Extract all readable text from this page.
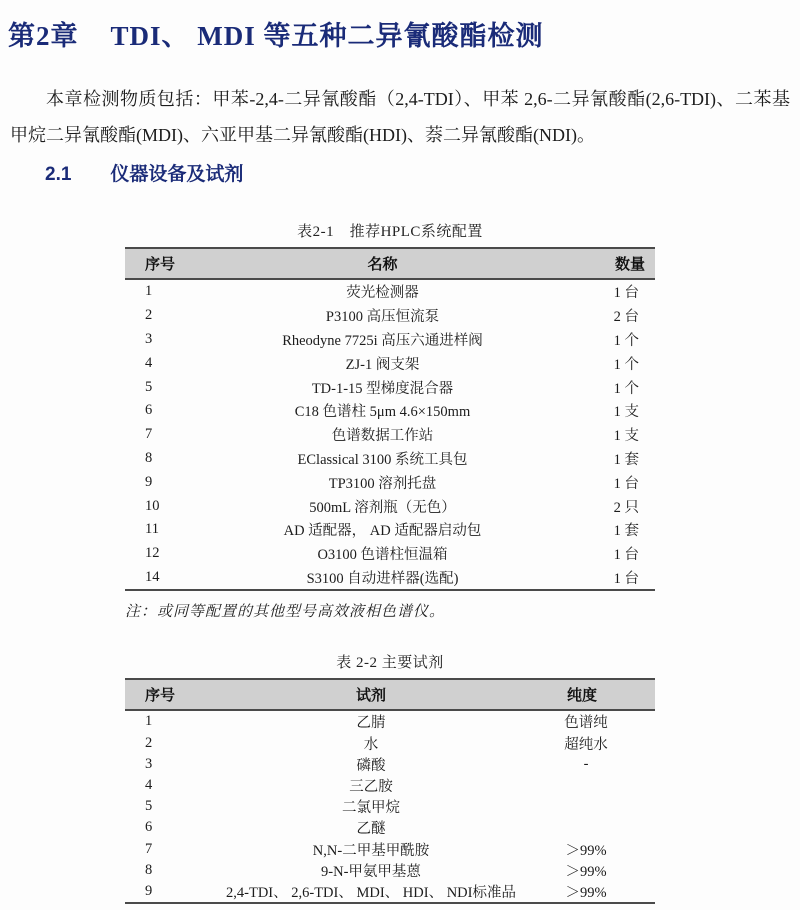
第2章 TDI、 MDI 等五种二异氰酸酯检测

本章检测物质包括：甲苯-2,4-二异氰酸酯（2,4-TDI）、甲苯 2,6-二异氰酸酯(2,6-TDI)、二苯基甲烷二异氰酸酯(MDI)、六亚甲基二异氰酸酯(HDI)、萘二异氰酸酯(NDI)。

2.1 仪器设备及试剂
表2-1　推荐HPLC系统配置
序号	名称	数量
1	荧光检测器	1 台
2	P3100 高压恒流泵	2 台
3	Rheodyne 7725i 高压六通进样阀	1 个
4	ZJ-1 阀支架	1 个
5	TD-1-15 型梯度混合器	1 个
6	C18 色谱柱 5μm 4.6×150mm	1 支
7	色谱数据工作站	1 支
8	EClassical 3100 系统工具包	1 套
9	TP3100 溶剂托盘	1 台
10	500mL 溶剂瓶（无色）	2 只
11	AD 适配器， AD 适配器启动包	1 套
12	O3100 色谱柱恒温箱	1 台
14	S3100 自动进样器(选配)	1 台
注：或同等配置的其他型号高效液相色谱仪。
表 2-2 主要试剂
序号	试剂	纯度
1	乙腈	色谱纯
2	水	超纯水
3	磷酸	-
4	三乙胺	
5	二氯甲烷	
6	乙醚	
7	N,N-二甲基甲酰胺	＞99%
8	9-N-甲氨甲基蒽	＞99%
9	2,4-TDI、 2,6-TDI、 MDI、 HDI、 NDI标准品	＞99%
